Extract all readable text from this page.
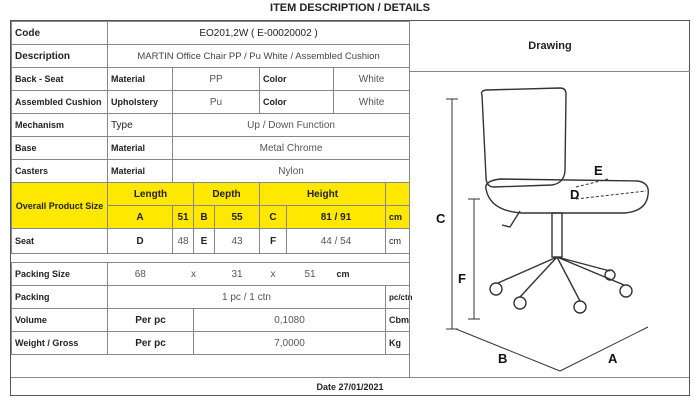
ITEM DESCRIPTION / DETAILS
Code	EO201,2W ( E-00020002 )							
Description	MARTIN Office Chair PP / Pu White / Assembled Cushion							
Back - Seat	Material	PP			Color		White	
Assembled Cushion	Upholstery	Pu			Color		White	
Mechanism	Type	Up / Down Function						
Base	Material	Metal Chrome						
Casters	Material	Nylon						
Overall Product Size	Length		Depth		Height			
	A	51	B	55	C	81 / 91		cm
Seat	D	48	E	43	F	44 / 54		cm

Packing Size	68	x		31	x	51	cm	
Packing	1 pc / 1 ctn							pc/ctn
Volume	Per pc		0,1080					Cbm
Weight / Gross	Per pc		7,0000					Kg
Drawing
C
F
E
D
B	A
Date 27/01/2021
